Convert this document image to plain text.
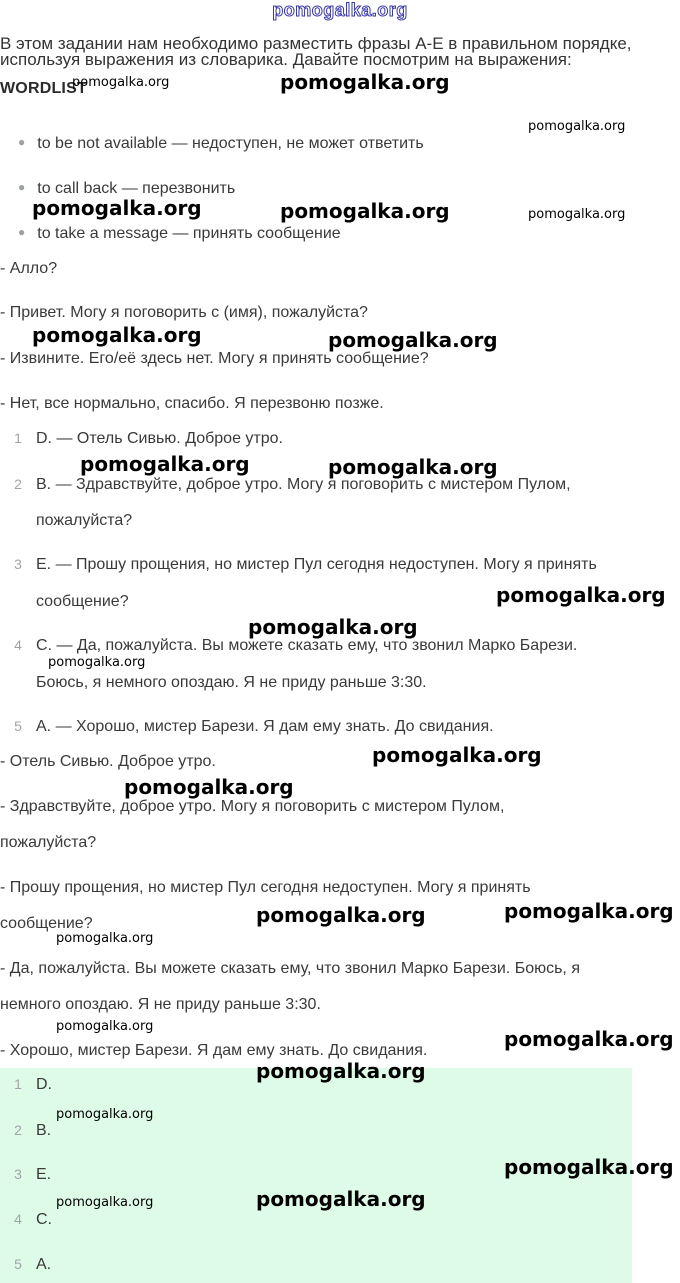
pomogalka.org
В этом задании нам необходимо разместить фразы A-E в правильном порядке,
используя выражения из словарика. Давайте посмотрим на выражения:
WORDLIST
● to be not available — недоступен, не может ответить
● to call back — перезвонить
● to take a message — принять сообщение
- Алло?
- Привет. Могу я поговорить с (имя), пожалуйста?
- Извините. Его/её здесь нет. Могу я принять сообщение?
- Нет, все нормально, спасибо. Я перезвоню позже.
1 D. — Отель Сивью. Доброе утро.
2 B. — Здравствуйте, доброе утро. Могу я поговорить с мистером Пулом,
пожалуйста?
3 E. — Прошу прощения, но мистер Пул сегодня недоступен. Могу я принять
сообщение?
4 C. — Да, пожалуйста. Вы можете сказать ему, что звонил Марко Барези.
Боюсь, я немного опоздаю. Я не приду раньше 3:30.
5 A. — Хорошо, мистер Барези. Я дам ему знать. До свидания.
- Отель Сивью. Доброе утро.
- Здравствуйте, доброе утро. Могу я поговорить с мистером Пулом,
пожалуйста?
- Прошу прощения, но мистер Пул сегодня недоступен. Могу я принять
сообщение?
- Да, пожалуйста. Вы можете сказать ему, что звонил Марко Барези. Боюсь, я
немного опоздаю. Я не приду раньше 3:30.
- Хорошо, мистер Барези. Я дам ему знать. До свидания.
1 D.
2 B.
3 E.
4 C.
5 A.
pomogalka.org	pomogalka.org
pomogalka.org
pomogalka.org	pomogalka.org	pomogalka.org
pomogalka.org	pomogalka.org
pomogalka.org	pomogalka.org
pomogalka.org
pomogalka.org
pomogalka.org
pomogalka.org
pomogalka.org
pomogalka.org
pomogalka.org
pomogalka.org
pomogalka.org
pomogalka.org
pomogalka.org
pomogalka.org
pomogalka.org
pomogalka.org
pomogalka.org
